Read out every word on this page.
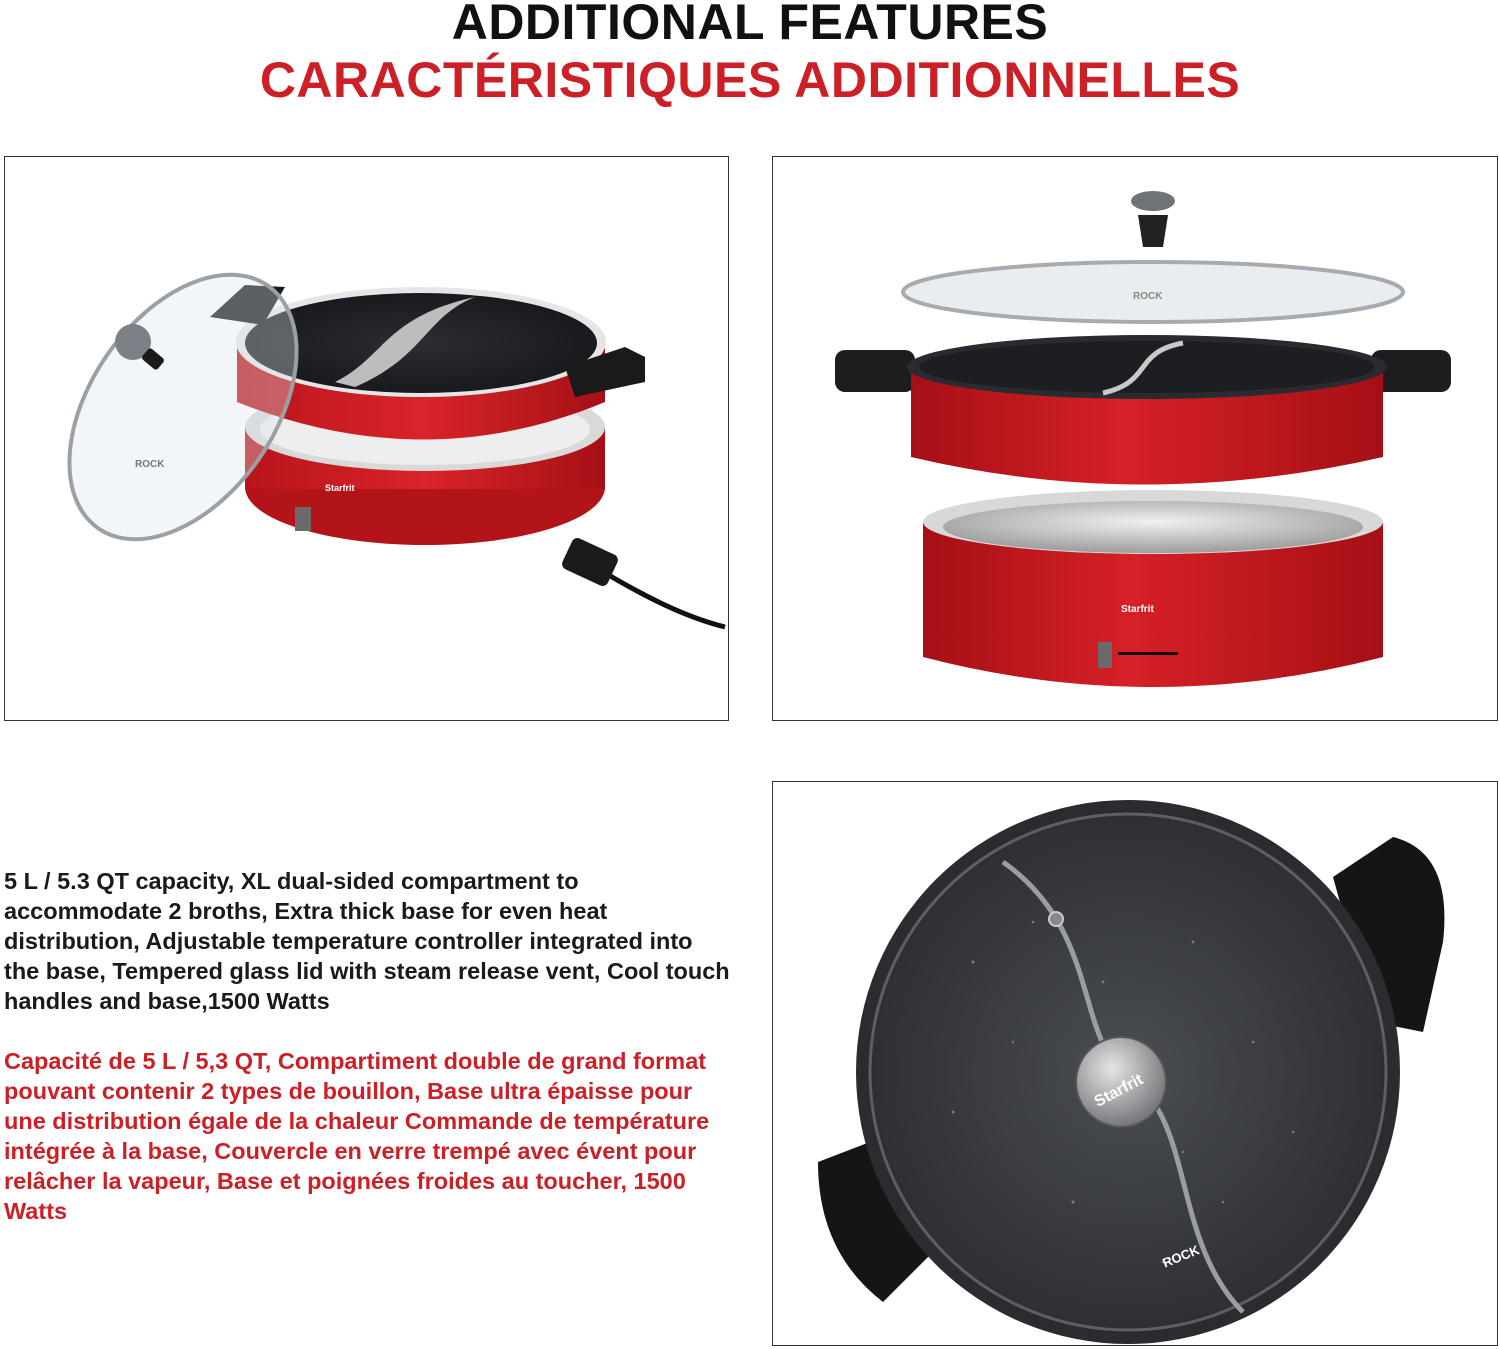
ADDITIONAL FEATURES
CARACTÉRISTIQUES ADDITIONNELLES
Starfrit
ROCK
ROCK
Starfrit
Starfrit
ROCK
5 L / 5.3 QT capacity, XL dual-sided compartment to accommodate 2 broths, Extra thick base for even heat distribution, Adjustable temperature controller integrated into the base, Tempered glass lid with steam release vent, Cool touch handles and base,1500 Watts
Capacité de 5 L / 5,3 QT, Compartiment double de grand format pouvant contenir 2 types de bouillon, Base ultra épaisse pour une distribution égale de la chaleur Commande de température intégrée à la base, Couvercle en verre trempé avec évent pour relâcher la vapeur, Base et poignées froides au toucher, 1500 Watts
